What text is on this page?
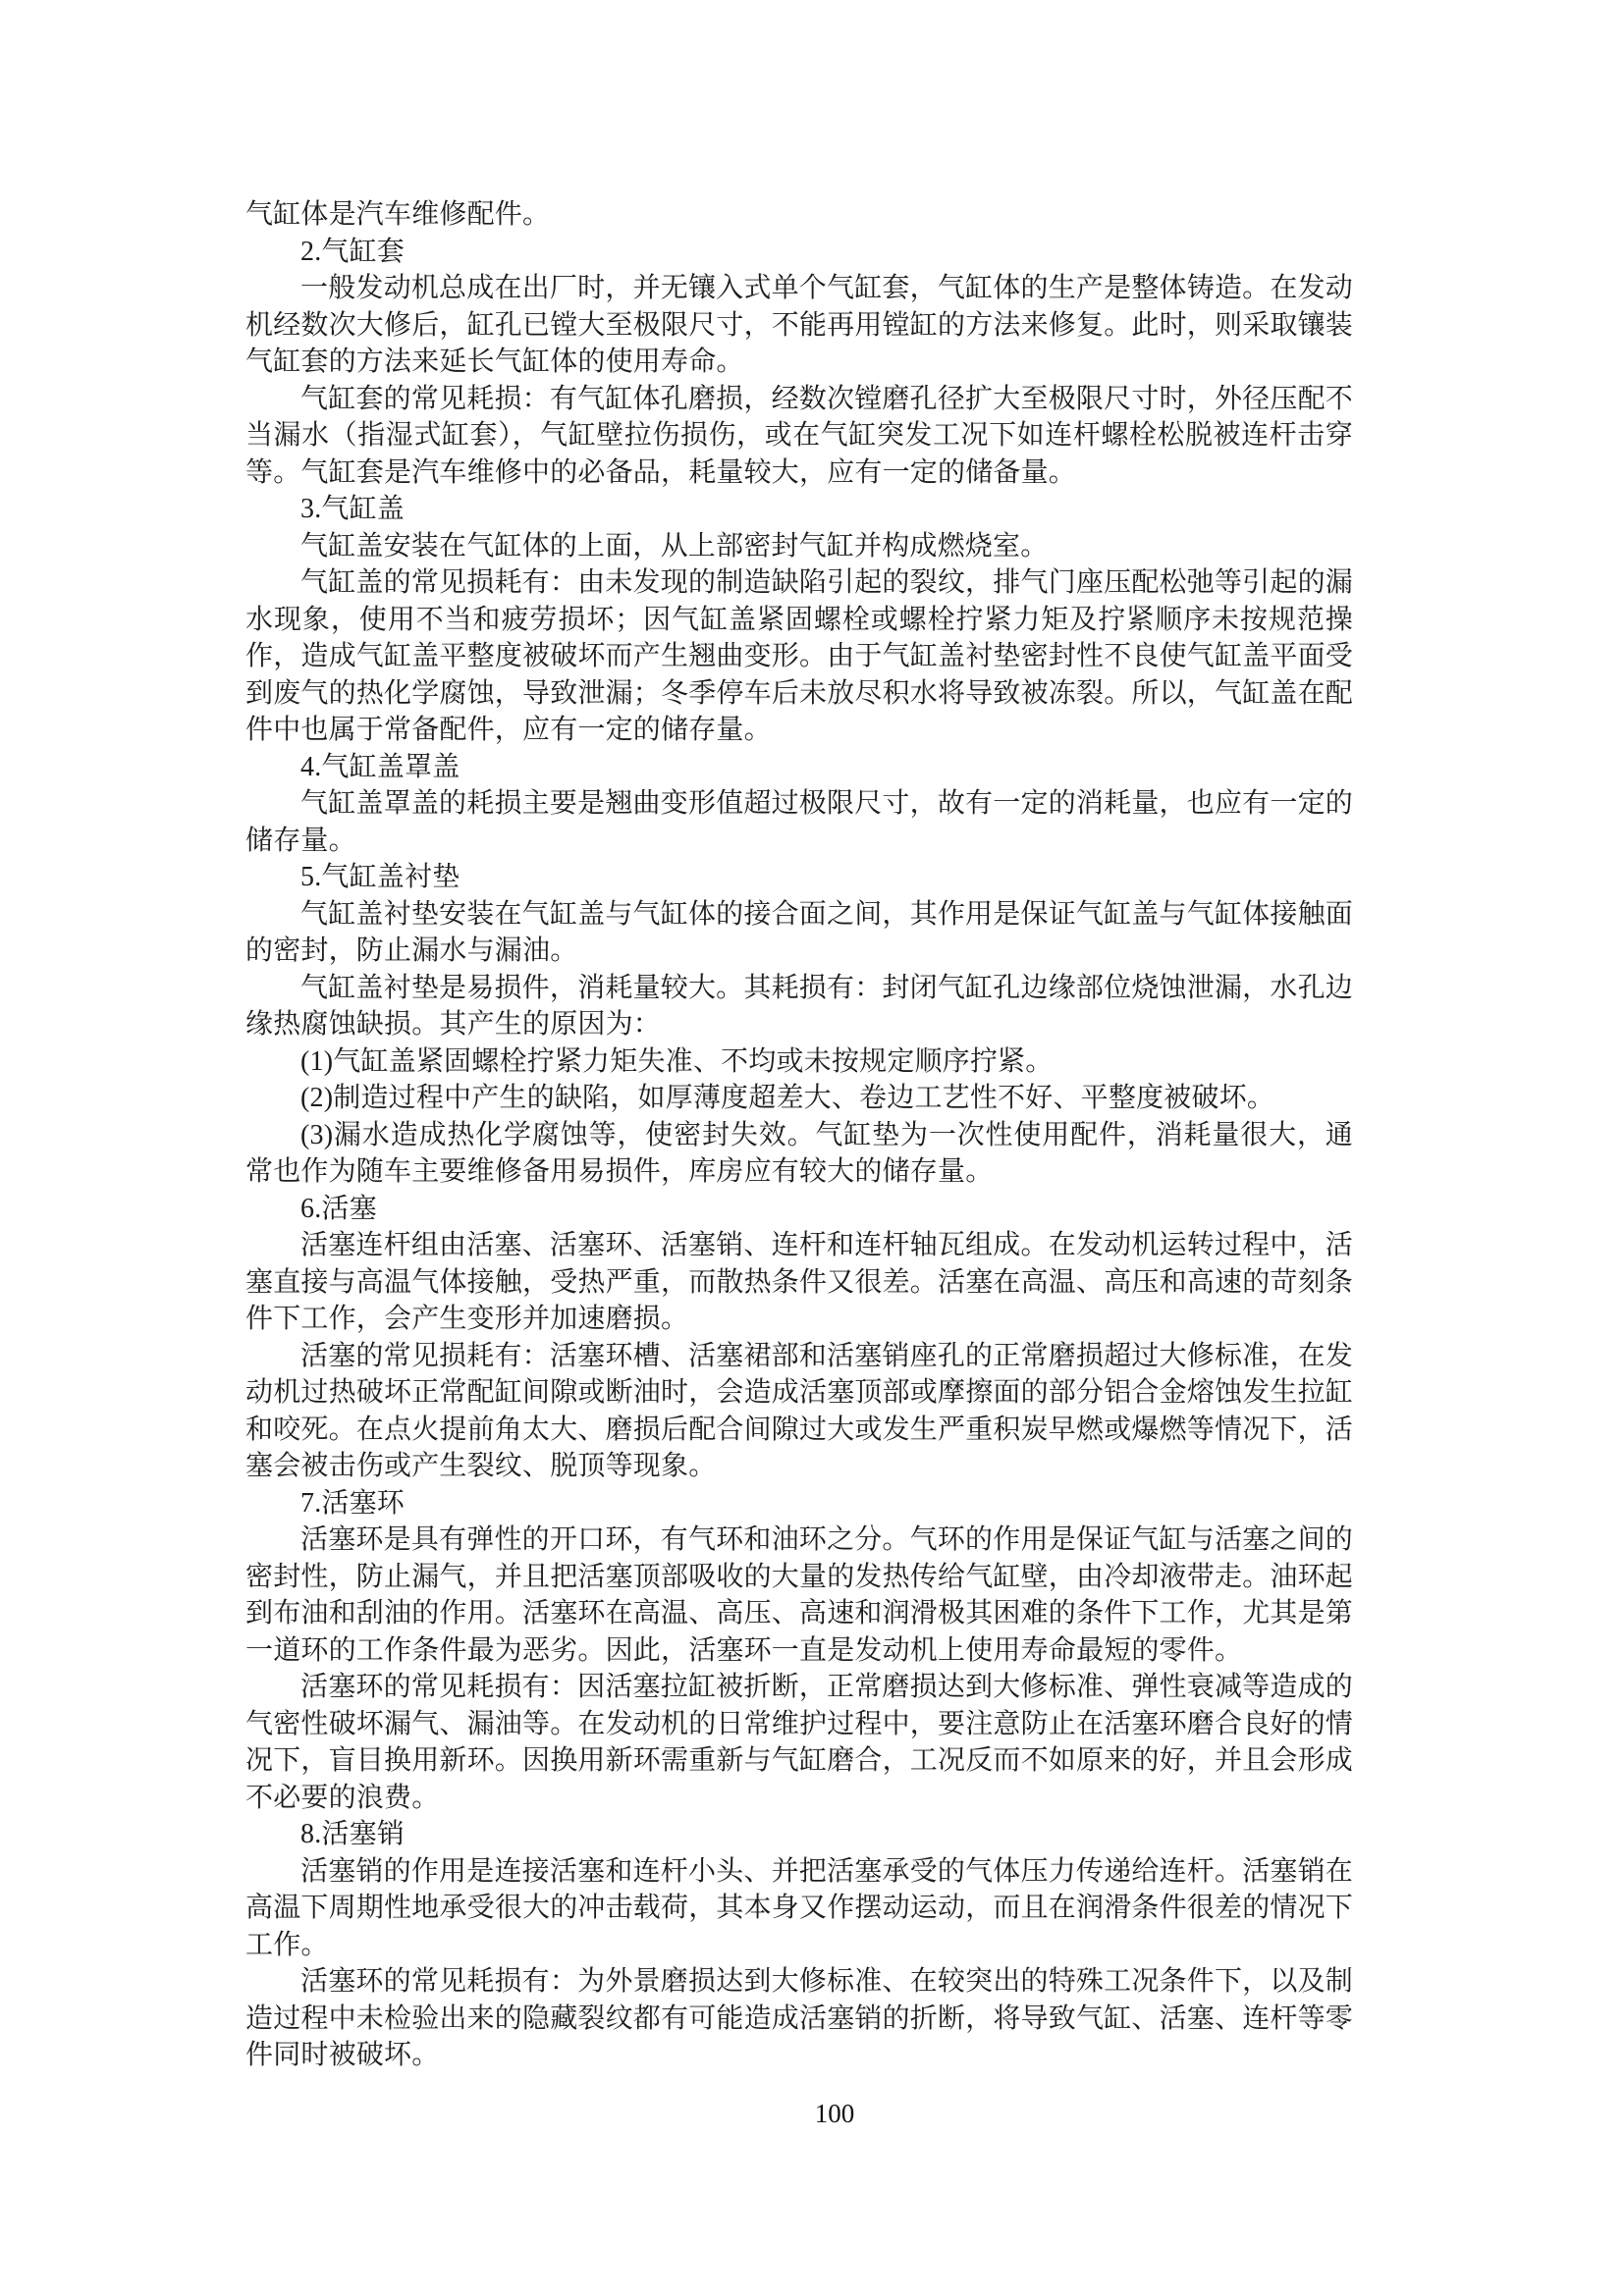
气缸体是汽车维修配件。

2.气缸套

一般发动机总成在出厂时，并无镶入式单个气缸套，气缸体的生产是整体铸造。在发动机经数次大修后，缸孔已镗大至极限尺寸，不能再用镗缸的方法来修复。此时，则采取镶装气缸套的方法来延长气缸体的使用寿命。

气缸套的常见耗损：有气缸体孔磨损，经数次镗磨孔径扩大至极限尺寸时，外径压配不当漏水（指湿式缸套），气缸壁拉伤损伤，或在气缸突发工况下如连杆螺栓松脱被连杆击穿等。气缸套是汽车维修中的必备品，耗量较大，应有一定的储备量。

3.气缸盖

气缸盖安装在气缸体的上面，从上部密封气缸并构成燃烧室。

气缸盖的常见损耗有：由未发现的制造缺陷引起的裂纹，排气门座压配松弛等引起的漏水现象，使用不当和疲劳损坏；因气缸盖紧固螺栓或螺栓拧紧力矩及拧紧顺序未按规范操作，造成气缸盖平整度被破坏而产生翘曲变形。由于气缸盖衬垫密封性不良使气缸盖平面受到废气的热化学腐蚀，导致泄漏；冬季停车后未放尽积水将导致被冻裂。所以，气缸盖在配件中也属于常备配件，应有一定的储存量。

4.气缸盖罩盖

气缸盖罩盖的耗损主要是翘曲变形值超过极限尺寸，故有一定的消耗量，也应有一定的储存量。

5.气缸盖衬垫

气缸盖衬垫安装在气缸盖与气缸体的接合面之间，其作用是保证气缸盖与气缸体接触面的密封，防止漏水与漏油。

气缸盖衬垫是易损件，消耗量较大。其耗损有：封闭气缸孔边缘部位烧蚀泄漏，水孔边缘热腐蚀缺损。其产生的原因为：

(1)气缸盖紧固螺栓拧紧力矩失准、不均或未按规定顺序拧紧。

(2)制造过程中产生的缺陷，如厚薄度超差大、卷边工艺性不好、平整度被破坏。

(3)漏水造成热化学腐蚀等，使密封失效。气缸垫为一次性使用配件，消耗量很大，通常也作为随车主要维修备用易损件，库房应有较大的储存量。

6.活塞

活塞连杆组由活塞、活塞环、活塞销、连杆和连杆轴瓦组成。在发动机运转过程中，活塞直接与高温气体接触，受热严重，而散热条件又很差。活塞在高温、高压和高速的苛刻条件下工作，会产生变形并加速磨损。

活塞的常见损耗有：活塞环槽、活塞裙部和活塞销座孔的正常磨损超过大修标准，在发动机过热破坏正常配缸间隙或断油时，会造成活塞顶部或摩擦面的部分铝合金熔蚀发生拉缸和咬死。在点火提前角太大、磨损后配合间隙过大或发生严重积炭早燃或爆燃等情况下，活塞会被击伤或产生裂纹、脱顶等现象。

7.活塞环

活塞环是具有弹性的开口环，有气环和油环之分。气环的作用是保证气缸与活塞之间的密封性，防止漏气，并且把活塞顶部吸收的大量的发热传给气缸壁，由冷却液带走。油环起到布油和刮油的作用。活塞环在高温、高压、高速和润滑极其困难的条件下工作，尤其是第一道环的工作条件最为恶劣。因此，活塞环一直是发动机上使用寿命最短的零件。

活塞环的常见耗损有：因活塞拉缸被折断，正常磨损达到大修标准、弹性衰减等造成的气密性破坏漏气、漏油等。在发动机的日常维护过程中，要注意防止在活塞环磨合良好的情况下，盲目换用新环。因换用新环需重新与气缸磨合，工况反而不如原来的好，并且会形成不必要的浪费。

8.活塞销

活塞销的作用是连接活塞和连杆小头、并把活塞承受的气体压力传递给连杆。活塞销在高温下周期性地承受很大的冲击载荷，其本身又作摆动运动，而且在润滑条件很差的情况下工作。

活塞环的常见耗损有：为外景磨损达到大修标准、在较突出的特殊工况条件下，以及制造过程中未检验出来的隐藏裂纹都有可能造成活塞销的折断，将导致气缸、活塞、连杆等零件同时被破坏。

100
